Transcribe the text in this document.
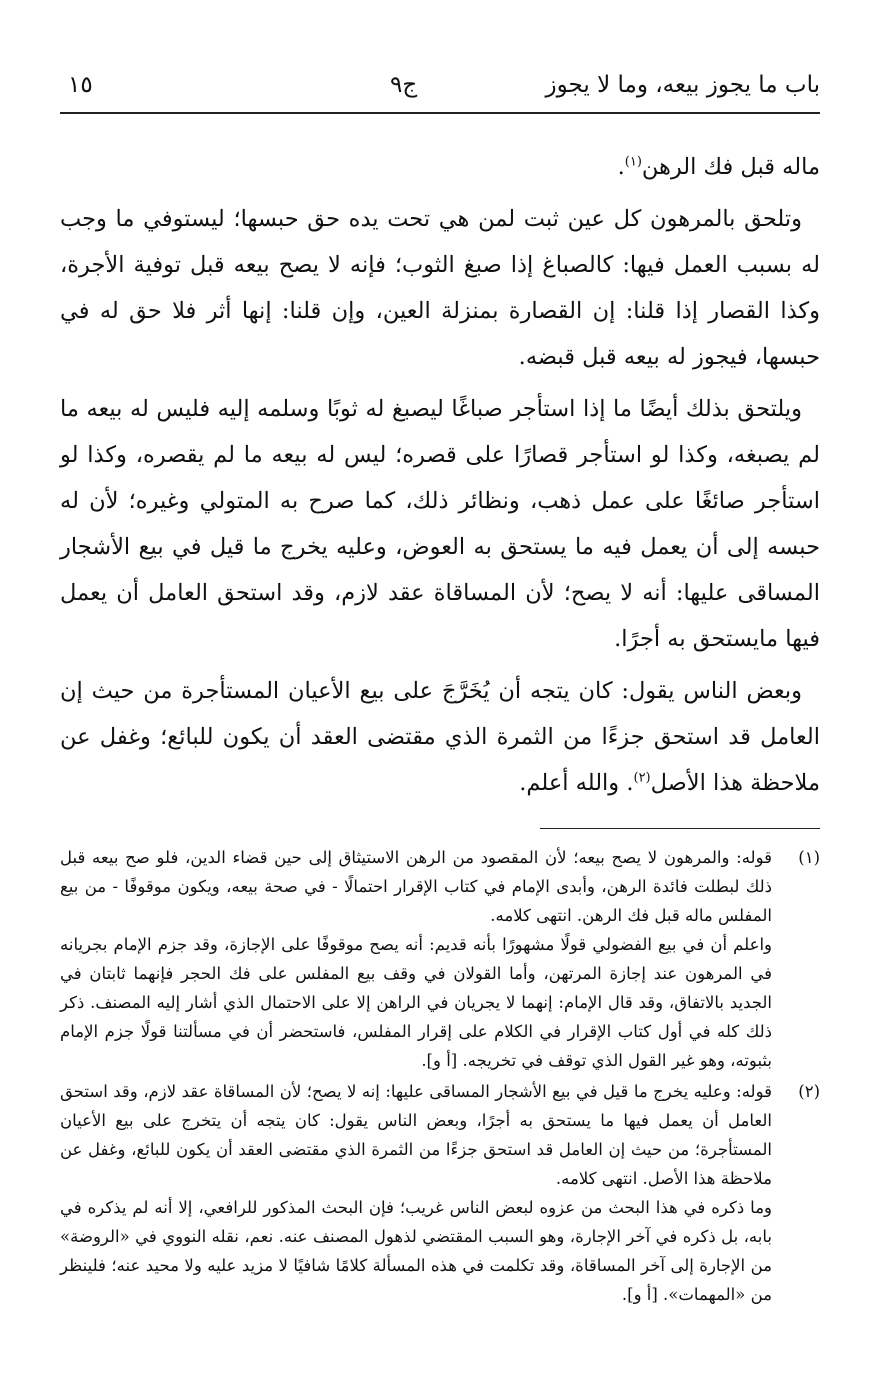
باب ما يجوز بيعه، وما لا يجوز
ج٩
١٥

ماله قبل فك الرهن$^{(١)}$.

وتلحق بالمرهون كل عين ثبت لمن هي تحت يده حق حبسها؛ ليستوفي ما وجب له بسبب العمل فيها: كالصباغ إذا صبغ الثوب؛ فإنه لا يصح بيعه قبل توفية الأجرة، وكذا القصار إذا قلنا: إن القصارة بمنزلة العين، وإن قلنا: إنها أثر فلا حق له في حبسها، فيجوز له بيعه قبل قبضه.

ويلتحق بذلك أيضًا ما إذا استأجر صباغًا ليصبغ له ثوبًا وسلمه إليه فليس له بيعه ما لم يصبغه، وكذا لو استأجر قصارًا على قصره؛ ليس له بيعه ما لم يقصره، وكذا لو استأجر صائغًا على عمل ذهب، ونظائر ذلك، كما صرح به المتولي وغيره؛ لأن له حبسه إلى أن يعمل فيه ما يستحق به العوض، وعليه يخرج ما قيل في بيع الأشجار المساقى عليها: أنه لا يصح؛ لأن المساقاة عقد لازم، وقد استحق العامل أن يعمل فيها مايستحق به أجرًا.

وبعض الناس يقول: كان يتجه أن يُخَرَّجَ على بيع الأعيان المستأجرة من حيث إن العامل قد استحق جزءًا من الثمرة الذي مقتضى العقد أن يكون للبائع؛ وغفل عن ملاحظة هذا الأصل$^{(٢)}$. والله أعلم.

(١)

قوله: والمرهون لا يصح بيعه؛ لأن المقصود من الرهن الاستيثاق إلى حين قضاء الدين، فلو صح بيعه قبل ذلك لبطلت فائدة الرهن، وأبدى الإمام في كتاب الإقرار احتمالًا - في صحة بيعه، ويكون موقوفًا - من بيع المفلس ماله قبل فك الرهن. انتهى كلامه.

واعلم أن في بيع الفضولي قولًا مشهورًا بأنه قديم: أنه يصح موقوفًا على الإجازة، وقد جزم الإمام بجريانه في المرهون عند إجازة المرتهن، وأما القولان في وقف بيع المفلس على فك الحجر فإنهما ثابتان في الجديد بالاتفاق، وقد قال الإمام: إنهما لا يجريان في الراهن إلا على الاحتمال الذي أشار إليه المصنف. ذكر ذلك كله في أول كتاب الإقرار في الكلام على إقرار المفلس، فاستحضر أن في مسألتنا قولًا جزم الإمام بثبوته، وهو غير القول الذي توقف في تخريجه. [أ و].

(٢)

قوله: وعليه يخرج ما قيل في بيع الأشجار المساقى عليها: إنه لا يصح؛ لأن المساقاة عقد لازم، وقد استحق العامل أن يعمل فيها ما يستحق به أجرًا، وبعض الناس يقول: كان يتجه أن يتخرج على بيع الأعيان المستأجرة؛ من حيث إن العامل قد استحق جزءًا من الثمرة الذي مقتضى العقد أن يكون للبائع، وغفل عن ملاحظة هذا الأصل. انتهى كلامه.

وما ذكره في هذا البحث من عزوه لبعض الناس غريب؛ فإن البحث المذكور للرافعي، إلا أنه لم يذكره في بابه، بل ذكره في آخر الإجارة، وهو السبب المقتضي لذهول المصنف عنه. نعم، نقله النووي في «الروضة» من الإجارة إلى آخر المساقاة، وقد تكلمت في هذه المسألة كلامًا شافيًا لا مزيد عليه ولا محيد عنه؛ فلينظر من «المهمات». [أ و].
